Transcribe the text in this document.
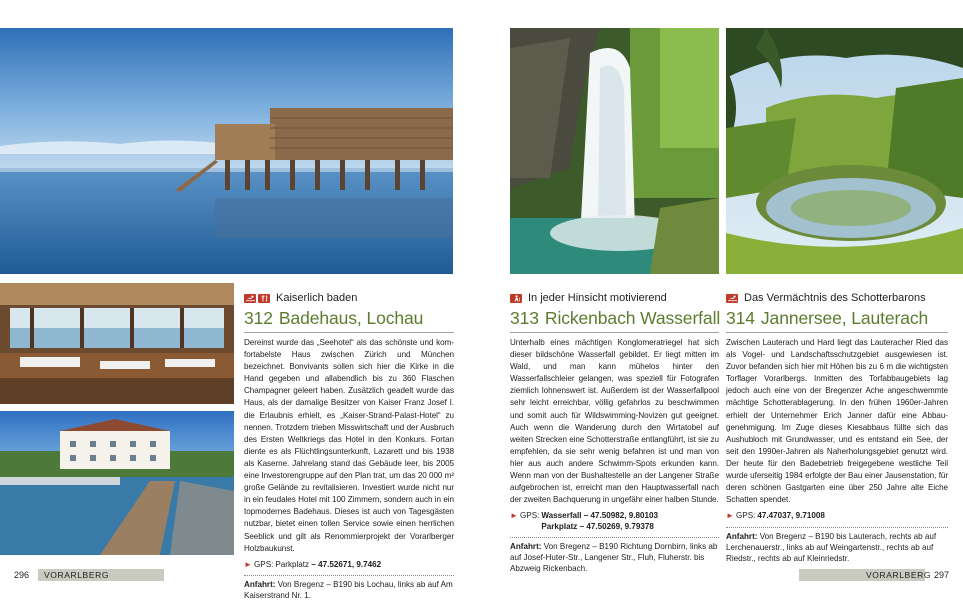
Kaiserlich baden
312 Badehaus, Lochau
Dereinst wurde das „Seehotel“ als das schönste und komfortabelste Haus zwischen Zürich und München bezeichnet. Bonvivants sollen sich hier die Kirke in die Hand gegeben und allabendlich bis zu 360 Flaschen Champagner geleert haben. Zusätzlich geadelt wurde das Haus, als der damalige Besitzer von Kaiser Franz Josef I. die Erlaubnis erhielt, es „Kaiser-Strand-Palast-Hotel“ zu nennen. Trotzdem trieben Misswirtschaft und der Ausbruch des Ersten Weltkriegs das Hotel in den Konkurs. Fortan diente es als Flüchtlingsunterkunft, Lazarett und bis 1938 als Kaserne. Jahrelang stand das Gebäude leer, bis 2005 eine Investorengruppe auf den Plan trat, um das 20 000 m² große Gelände zu revitalisieren. Investiert wurde nicht nur in ein feudales Hotel mit 100 Zimmern, sondern auch in ein topmodernes Badehaus. Dieses ist auch von Tagesgästen nutzbar, bietet einen tollen Service sowie einen herrlichen Seeblick und gilt als Renommierprojekt der Vorarlberger Holzbaukunst.
► GPS: Parkplatz – 47.52671, 9.7462
Anfahrt: Von Bregenz – B190 bis Lochau, links ab auf Am Kaiserstrand Nr. 1.
In jeder Hinsicht motivierend
313 Rickenbach Wasserfall
Unterhalb eines mächtigen Konglomeratriegel hat sich dieser bildschöne Wasserfall gebildet. Er liegt mitten im Wald, und man kann mühelos hinter den Wasserfallschleier gelangen, was speziell für Fotografen ziemlich lohnenswert ist. Außerdem ist der Wasserfallpool sehr leicht erreichbar, völlig gefahrlos zu beschwimmen und somit auch für Wildswimming-Novizen gut geeignet. Auch wenn die Wanderung durch den Wirtatobel auf weiten Strecken eine Schotterstraße entlangführt, ist sie zu empfehlen, da sie sehr wenig befahren ist und man von hier aus auch andere Schwimm-Spots erkunden kann. Wenn man von der Bushaltestelle an der Langener Straße aufgebrochen ist, erreicht man den Hauptwasserfall nach der zweiten Bachquerung in ungefähr einer halben Stunde.
► GPS: Wasserfall – 47.50982, 9.80103
Parkplatz – 47.50269, 9.79378
Anfahrt: Von Bregenz – B190 Richtung Dornbirn, links ab auf Josef-Huter-Str., Langener Str., Fluh, Fluherstr. bis Abzweig Rickenbach.
Das Vermächtnis des Schotterbarons
314 Jannersee, Lauterach
Zwischen Lauterach und Hard liegt das Lauteracher Ried das als Vogel- und Landschaftsschutzgebiet ausgewiesen ist. Zuvor befanden sich hier mit Höhen bis zu 6 m die wichtigsten Torflager Vorarlbergs. Inmitten des Torfabbaugebiets lag jedoch auch eine von der Bregenzer Ache angeschwemmte mächtige Schotterablagerung. In den frühen 1960er-Jahren erhielt der Unternehmer Erich Janner dafür eine Abbaugenehmigung. Im Zuge dieses Kiesabbaus füllte sich das Aushubloch mit Grundwasser, und es entstand ein See, der seit den 1990er-Jahren als Naherholungsgebiet genutzt wird. Der heute für den Badebetrieb freigegebene westliche Teil wurde uferseitig 1984 erfolgte der Bau einer Jausenstation, für deren schönen Gastgarten eine über 250 Jahre alte Eiche Schatten spendet.
► GPS: 47.47037, 9.71008
Anfahrt: Von Bregenz – B190 bis Lauterach, rechts ab auf Lerchenauerstr., links ab auf Weingartenstr., rechts ab auf Riedstr., rechts ab auf Kleinriedstr.
296 VORARLBERG	VORARLBERG 297
